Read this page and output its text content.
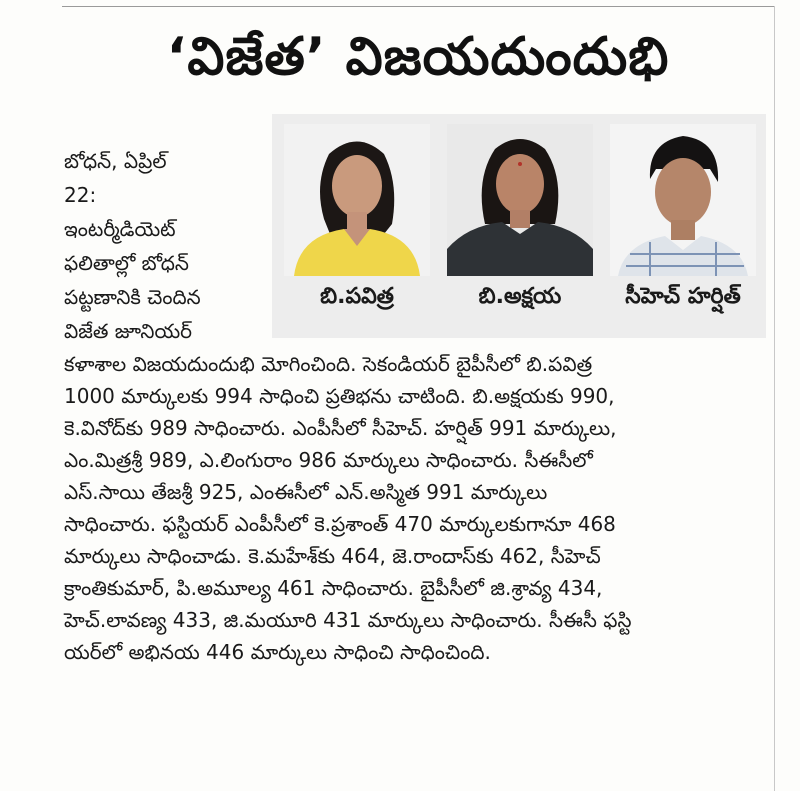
‘విజేత’ విజయదుందుభి
బోధన్, ఏప్రిల్
22:
ఇంటర్మీడియెట్
ఫలితాల్లో బోధన్
పట్టణానికి చెందిన
విజేత జూనియర్
బి.పవిత్ర	బి.అక్షయ	సీహెచ్ హర్షిత్
కళాశాల విజయదుందుభి మోగించింది. సెకండియర్ బైపీసీలో బి.పవిత్ర
1000 మార్కులకు 994 సాధించి ప్రతిభను చాటింది. బి.అక్షయకు 990,
కె.వినోద్‌కు 989 సాధించారు. ఎంపీసీలో సీహెచ్. హర్షిత్ 991 మార్కులు,
ఎం.మిత్రశ్రీ 989, ఎ.లింగురాం 986 మార్కులు సాధించారు. సీఈసీలో
ఎస్.సాయి తేజశ్రీ 925, ఎంఈసీలో ఎన్.అస్మిత 991 మార్కులు
సాధించారు. ఫస్టియర్ ఎంపీసీలో కె.ప్రశాంత్ 470 మార్కులకుగానూ 468
మార్కులు సాధించాడు. కె.మహేశ్‌కు 464, జె.రాందాస్‌కు 462, సీహెచ్
క్రాంతికుమార్, పి.అమూల్య 461 సాధించారు. బైపీసీలో జి.శ్రావ్య 434,
హెచ్.లావణ్య 433, జి.మయూరి 431 మార్కులు సాధించారు. సీఈసీ ఫస్టి
యర్‌లో అభినయ 446 మార్కులు సాధించి సాధించింది.
